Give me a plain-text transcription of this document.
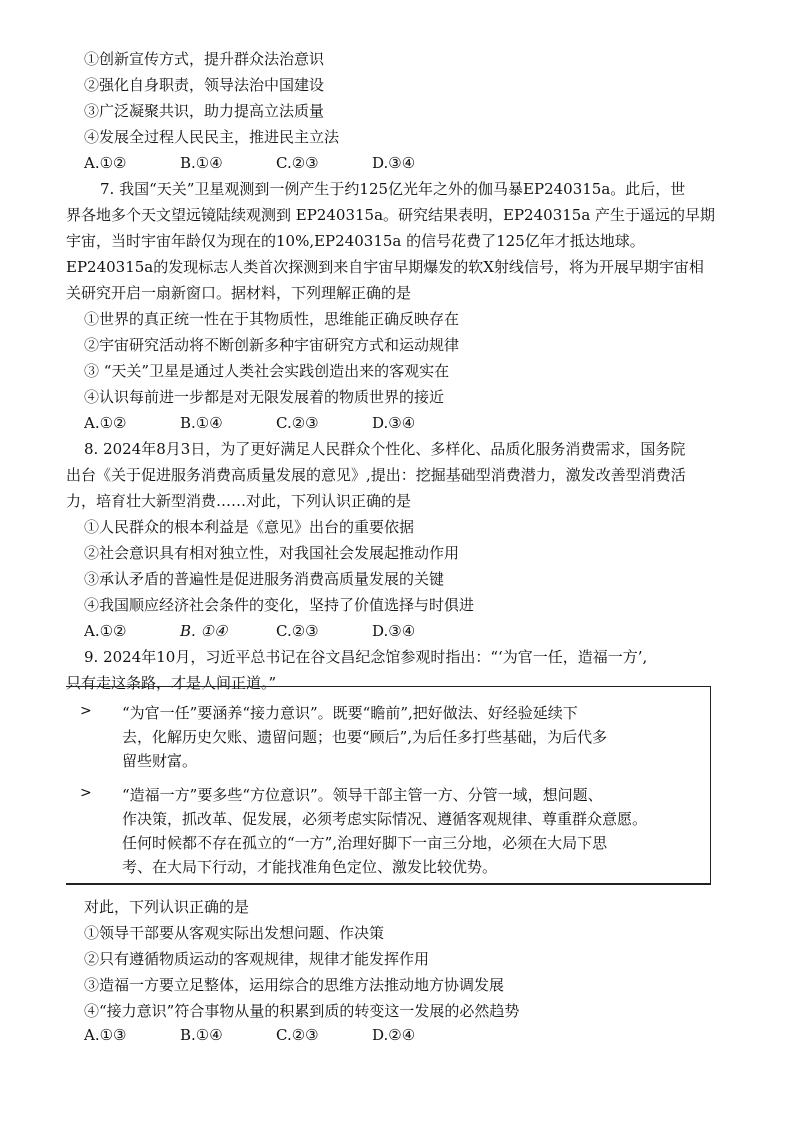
①创新宣传方式，提升群众法治意识
②强化自身职责，领导法治中国建设
③广泛凝聚共识，助力提高立法质量
④发展全过程人民民主，推进民主立法
A.①②	B.①④	C.②③	D.③④
7. 我国“天关”卫星观测到一例产生于约125亿光年之外的伽马暴EP240315a。此后，世
界各地多个天文望远镜陆续观测到 EP240315a。研究结果表明，EP240315a 产生于遥远的早期
宇宙，当时宇宙年龄仅为现在的10%,EP240315a 的信号花费了125亿年才抵达地球。
EP240315a的发现标志人类首次探测到来自宇宙早期爆发的软X射线信号，将为开展早期宇宙相
关研究开启一扇新窗口。据材料，下列理解正确的是
①世界的真正统一性在于其物质性，思维能正确反映存在
②宇宙研究活动将不断创新多种宇宙研究方式和运动规律
③ “天关”卫星是通过人类社会实践创造出来的客观实在
④认识每前进一步都是对无限发展着的物质世界的接近
A.①②	B.①④	C.②③	D.③④
8. 2024年8月3日，为了更好满足人民群众个性化、多样化、品质化服务消费需求，国务院
出台《关于促进服务消费高质量发展的意见》,提出：挖掘基础型消费潜力，激发改善型消费活
力，培育壮大新型消费……对此，下列认识正确的是
①人民群众的根本利益是《意见》出台的重要依据
②社会意识具有相对独立性，对我国社会发展起推动作用
③承认矛盾的普遍性是促进服务消费高质量发展的关键
④我国顺应经济社会条件的变化，坚持了价值选择与时俱进
A.①②	B. ①④	C.②③	D.③④
9. 2024年10月，习近平总书记在谷文昌纪念馆参观时指出：“‘为官一任，造福一方’,
只有走这条路，才是人间正道。”
> “为官一任”要涵养“接力意识”。既要“瞻前”,把好做法、好经验延续下
去，化解历史欠账、遗留问题；也要“顾后”,为后任多打些基础，为后代多
留些财富。
> “造福一方”要多些“方位意识”。领导干部主管一方、分管一域，想问题、
作决策，抓改革、促发展，必须考虑实际情况、遵循客观规律、尊重群众意愿。
任何时候都不存在孤立的“一方”,治理好脚下一亩三分地，必须在大局下思
考、在大局下行动，才能找准角色定位、激发比较优势。
对此，下列认识正确的是
①领导干部要从客观实际出发想问题、作决策
②只有遵循物质运动的客观规律，规律才能发挥作用
③造福一方要立足整体，运用综合的思维方法推动地方协调发展
④“接力意识”符合事物从量的积累到质的转变这一发展的必然趋势
A.①③	B.①④	C.②③	D.②④
